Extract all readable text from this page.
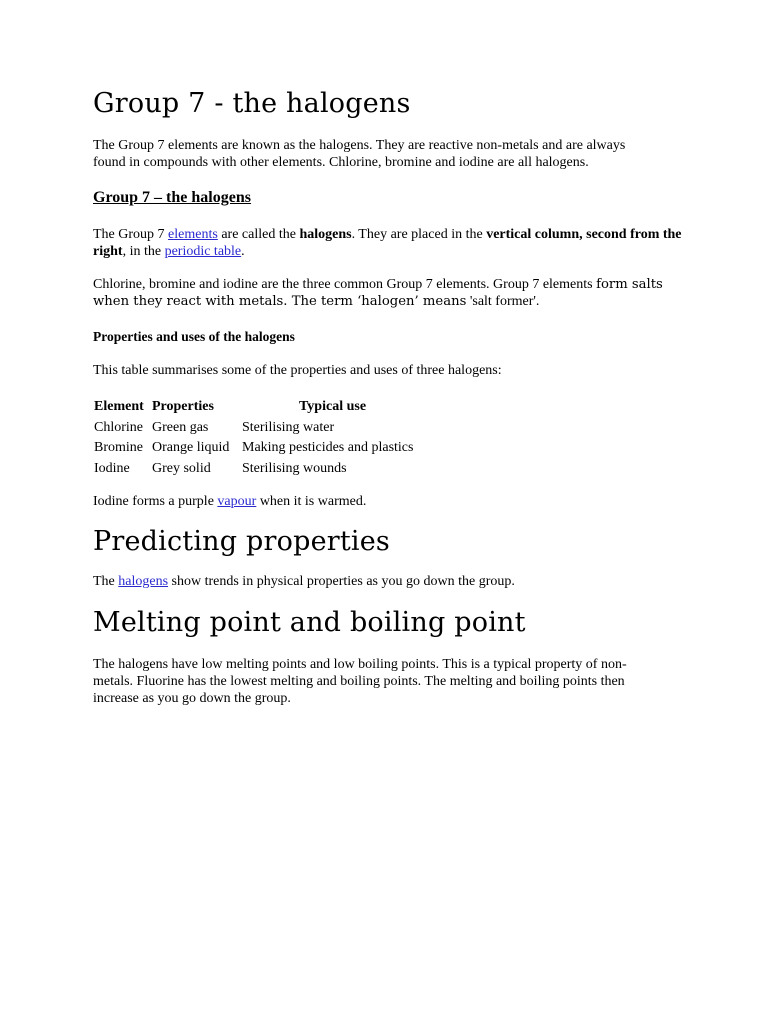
Group 7 - the halogens

The Group 7 elements are known as the halogens. They are reactive non-metals and are always found in compounds with other elements. Chlorine, bromine and iodine are all halogens.

Group 7 – the halogens

The Group 7 elements are called the halogens. They are placed in the vertical column, second from the right, in the periodic table.

Chlorine, bromine and iodine are the three common Group 7 elements. Group 7 elements form salts when they react with metals. The term ‘halogen’ means 'salt former'.

Properties and uses of the halogens

This table summarises some of the properties and uses of three halogens:

Element	Properties	Typical use
Chlorine	Green gas	Sterilising water
Bromine	Orange liquid	Making pesticides and plastics
Iodine	Grey solid	Sterilising wounds

Iodine forms a purple vapour when it is warmed.

Predicting properties

The halogens show trends in physical properties as you go down the group.

Melting point and boiling point

The halogens have low melting points and low boiling points. This is a typical property of non-metals. Fluorine has the lowest melting and boiling points. The melting and boiling points then increase as you go down the group.
